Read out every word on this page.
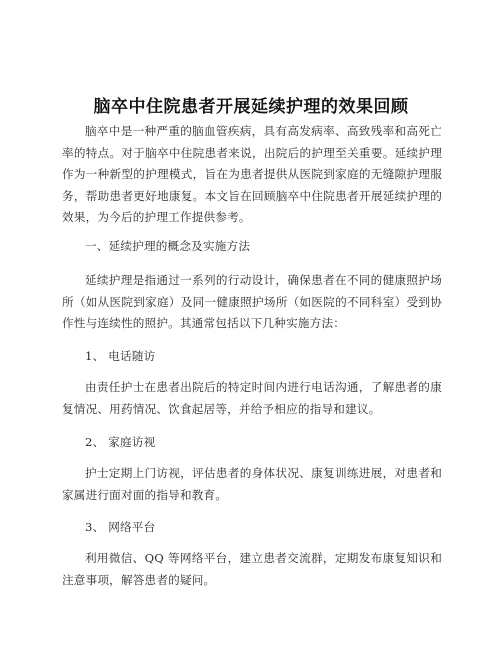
脑卒中住院患者开展延续护理的效果回顾

脑卒中是一种严重的脑血管疾病，具有高发病率、高致残率和高死亡率的特点。对于脑卒中住院患者来说，出院后的护理至关重要。延续护理作为一种新型的护理模式，旨在为患者提供从医院到家庭的无缝隙护理服务，帮助患者更好地康复。本文旨在回顾脑卒中住院患者开展延续护理的效果，为今后的护理工作提供参考。

一、延续护理的概念及实施方法

延续护理是指通过一系列的行动设计，确保患者在不同的健康照护场所（如从医院到家庭）及同一健康照护场所（如医院的不同科室）受到协作性与连续性的照护。其通常包括以下几种实施方法：

1、 电话随访

由责任护士在患者出院后的特定时间内进行电话沟通，了解患者的康复情况、用药情况、饮食起居等，并给予相应的指导和建议。

2、 家庭访视

护士定期上门访视，评估患者的身体状况、康复训练进展，对患者和家属进行面对面的指导和教育。

3、 网络平台

利用微信、QQ 等网络平台，建立患者交流群，定期发布康复知识和注意事项，解答患者的疑问。
